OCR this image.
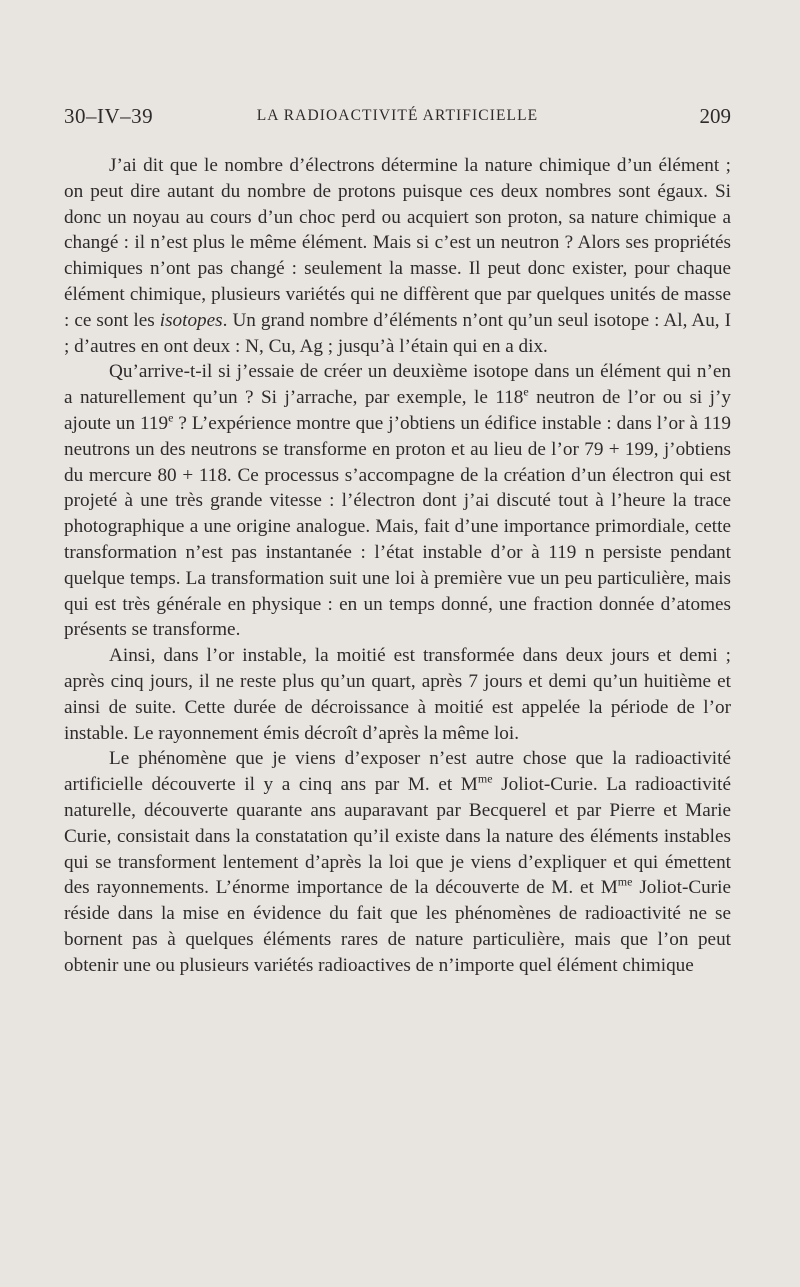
30–IV–39	LA RADIOACTIVITÉ ARTIFICIELLE	209

J’ai dit que le nombre d’électrons détermine la nature chimique d’un élément ; on peut dire autant du nombre de protons puisque ces deux nombres sont égaux. Si donc un noyau au cours d’un choc perd ou acquiert son proton, sa nature chimique a changé : il n’est plus le même élément. Mais si c’est un neutron ? Alors ses propriétés chimiques n’ont pas changé : seulement la masse. Il peut donc exister, pour chaque élément chimique, plusieurs variétés qui ne diffèrent que par quelques unités de masse : ce sont les isotopes. Un grand nombre d’éléments n’ont qu’un seul isotope : Al, Au, I ; d’autres en ont deux : N, Cu, Ag ; jusqu’à l’étain qui en a dix.

Qu’arrive-t-il si j’essaie de créer un deuxième isotope dans un élément qui n’en a naturellement qu’un ? Si j’arrache, par exemple, le 118e neutron de l’or ou si j’y ajoute un 119e ? L’expérience montre que j’obtiens un édifice instable : dans l’or à 119 neutrons un des neutrons se transforme en proton et au lieu de l’or 79 + 199, j’obtiens du mercure 80 + 118. Ce processus s’accompagne de la création d’un électron qui est projeté à une très grande vitesse : l’électron dont j’ai discuté tout à l’heure la trace photographique a une origine analogue. Mais, fait d’une importance primordiale, cette transformation n’est pas instantanée : l’état instable d’or à 119 n persiste pendant quelque temps. La transformation suit une loi à première vue un peu particulière, mais qui est très générale en physique : en un temps donné, une fraction donnée d’atomes présents se transforme.

Ainsi, dans l’or instable, la moitié est transformée dans deux jours et demi ; après cinq jours, il ne reste plus qu’un quart, après 7 jours et demi qu’un huitième et ainsi de suite. Cette durée de décroissance à moitié est appelée la période de l’or instable. Le rayonnement émis décroît d’après la même loi.

Le phénomène que je viens d’exposer n’est autre chose que la radioactivité artificielle découverte il y a cinq ans par M. et $M^{me}$ Joliot-Curie. La radioactivité naturelle, découverte quarante ans auparavant par Becquerel et par Pierre et Marie Curie, consistait dans la constatation qu’il existe dans la nature des éléments instables qui se transforment lentement d’après la loi que je viens d’expliquer et qui émettent des rayonnements. L’énorme importance de la découverte de M. et $M^{me}$ Joliot-Curie réside dans la mise en évidence du fait que les phénomènes de radioactivité ne se bornent pas à quelques éléments rares de nature particulière, mais que l’on peut obtenir une ou plusieurs variétés radioactives de n’importe quel élément chimique
